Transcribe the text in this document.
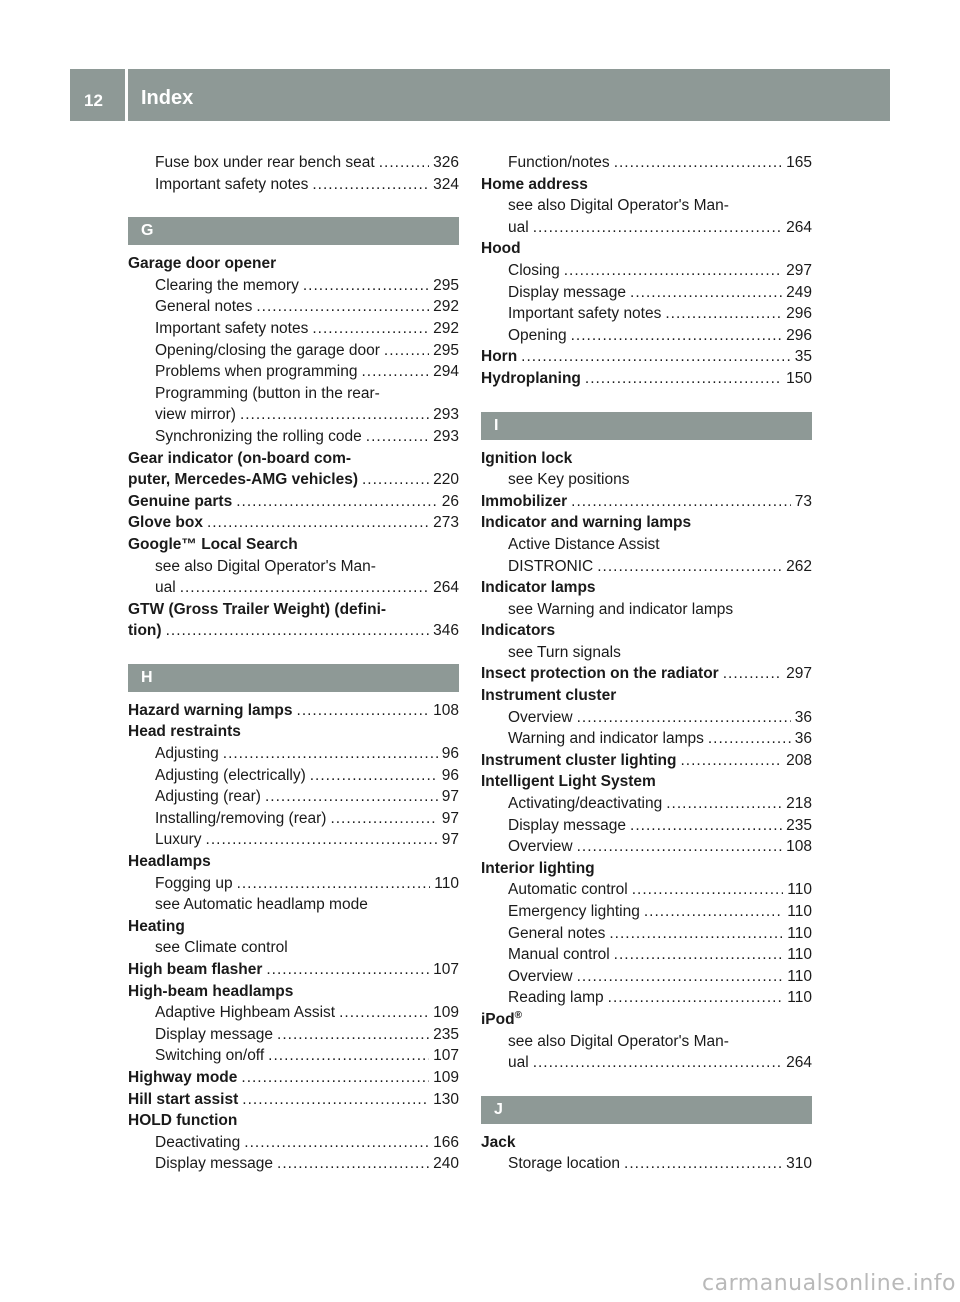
12 Index
Fuse box under rear bench seat .....	326
Important safety notes .....	324
G
Garage door opener
Clearing the memory .....	295
General notes .....	292
Important safety notes .....	292
Opening/closing the garage door .....	295
Problems when programming .....	294
Programming (button in the rear-
view mirror) .....	293
Synchronizing the rolling code .....	293
Gear indicator (on-board com-
puter, Mercedes-AMG vehicles) .....	220
Genuine parts .....	26
Glove box .....	273
Google™ Local Search
see also Digital Operator's Man-
ual .....	264
GTW (Gross Trailer Weight) (defini-
tion) .....	346
H
Hazard warning lamps .....	108
Head restraints
Adjusting .....	96
Adjusting (electrically) .....	96
Adjusting (rear) .....	97
Installing/removing (rear) .....	97
Luxury .....	97
Headlamps
Fogging up .....	110
see Automatic headlamp mode
Heating
see Climate control
High beam flasher .....	107
High-beam headlamps
Adaptive Highbeam Assist .....	109
Display message .....	235
Switching on/off .....	107
Highway mode .....	109
Hill start assist .....	130
HOLD function
Deactivating .....	166
Display message .....	240
Function/notes .....	165
Home address
see also Digital Operator's Man-
ual .....	264
Hood
Closing .....	297
Display message .....	249
Important safety notes .....	296
Opening .....	296
Horn .....	35
Hydroplaning .....	150
I
Ignition lock
see Key positions
Immobilizer .....	73
Indicator and warning lamps
Active Distance Assist
DISTRONIC .....	262
Indicator lamps
see Warning and indicator lamps
Indicators
see Turn signals
Insect protection on the radiator .....	297
Instrument cluster
Overview .....	36
Warning and indicator lamps .....	36
Instrument cluster lighting .....	208
Intelligent Light System
Activating/deactivating .....	218
Display message .....	235
Overview .....	108
Interior lighting
Automatic control .....	110
Emergency lighting .....	110
General notes .....	110
Manual control .....	110
Overview .....	110
Reading lamp .....	110
iPod®
see also Digital Operator's Man-
ual .....	264
J
Jack
Storage location .....	310
carmanualsonline.info
